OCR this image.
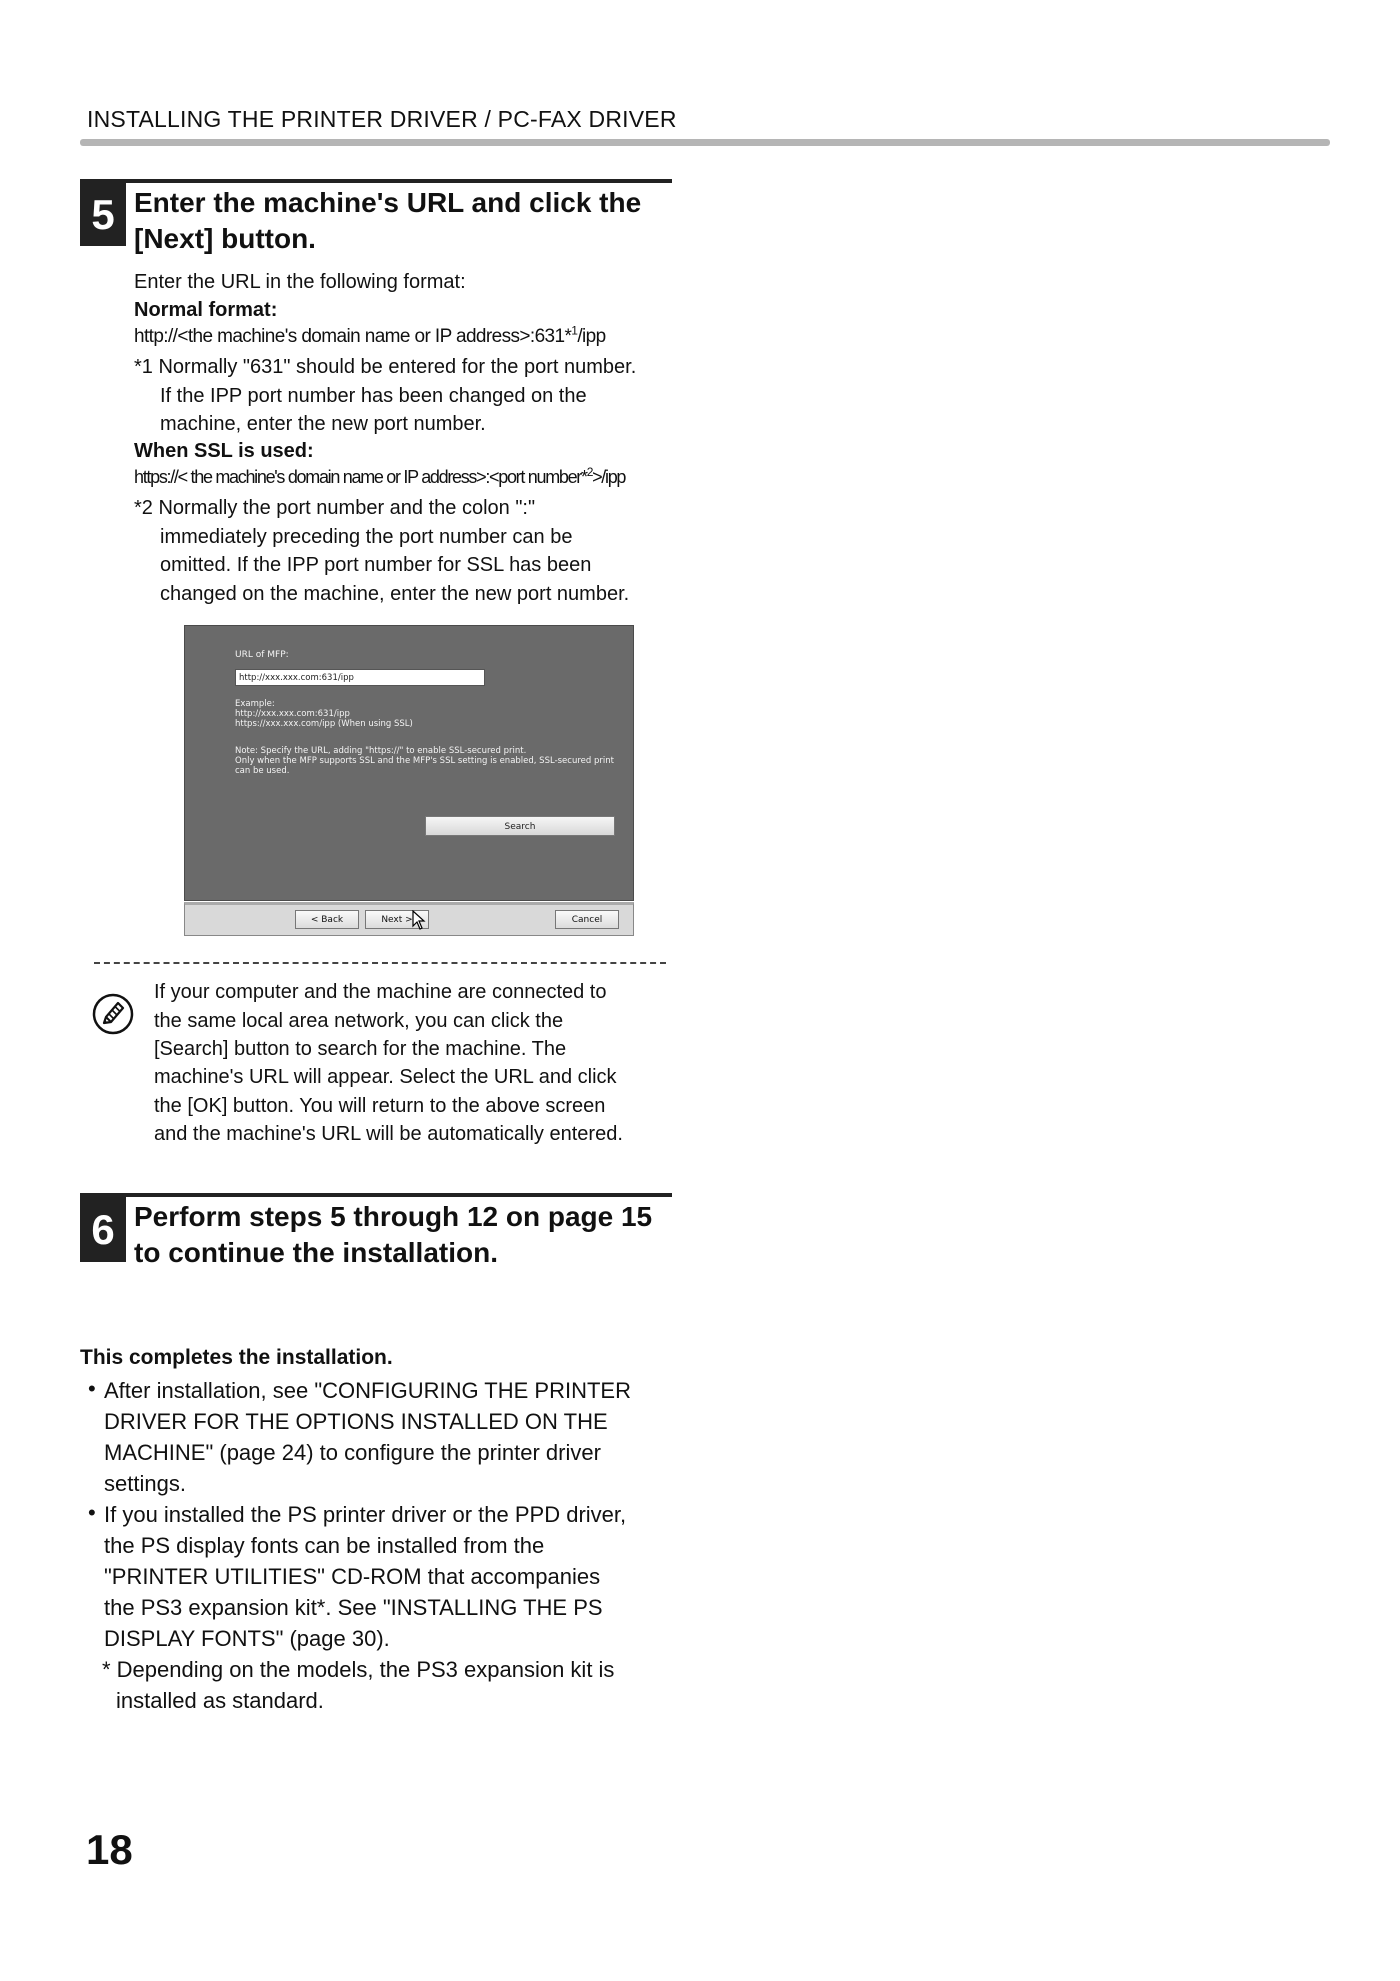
INSTALLING THE PRINTER DRIVER / PC-FAX DRIVER
5 Enter the machine's URL and click the
[Next] button.
Enter the URL in the following format:
Normal format:
http://<the machine's domain name or IP address>:631*$^1$/ipp
*1 Normally "631" should be entered for the port number.
If the IPP port number has been changed on the
machine, enter the new port number.
When SSL is used:
https://< the machine's domain name or IP address>:<port number*$^2$>/ipp
*2 Normally the port number and the colon ":"
immediately preceding the port number can be
omitted. If the IPP port number for SSL has been
changed on the machine, enter the new port number.
URL of MFP:
http://xxx.xxx.com:631/ipp
Example:
http://xxx.xxx.com:631/ipp
https://xxx.xxx.com/ipp (When using SSL)
Note: Specify the URL, adding "https://" to enable SSL-secured print.
Only when the MFP supports SSL and the MFP's SSL setting is enabled, SSL-secured print
can be used.
Search
< Back	Next >	Cancel
If your computer and the machine are connected to
the same local area network, you can click the
[Search] button to search for the machine. The
machine's URL will appear. Select the URL and click
the [OK] button. You will return to the above screen
and the machine's URL will be automatically entered.
6 Perform steps 5 through 12 on page 15
to continue the installation.
This completes the installation.
• After installation, see "CONFIGURING THE PRINTER
DRIVER FOR THE OPTIONS INSTALLED ON THE
MACHINE" (page 24) to configure the printer driver
settings.
• If you installed the PS printer driver or the PPD driver,
the PS display fonts can be installed from the
"PRINTER UTILITIES" CD-ROM that accompanies
the PS3 expansion kit*. See "INSTALLING THE PS
DISPLAY FONTS" (page 30).
* Depending on the models, the PS3 expansion kit is
installed as standard.
18
